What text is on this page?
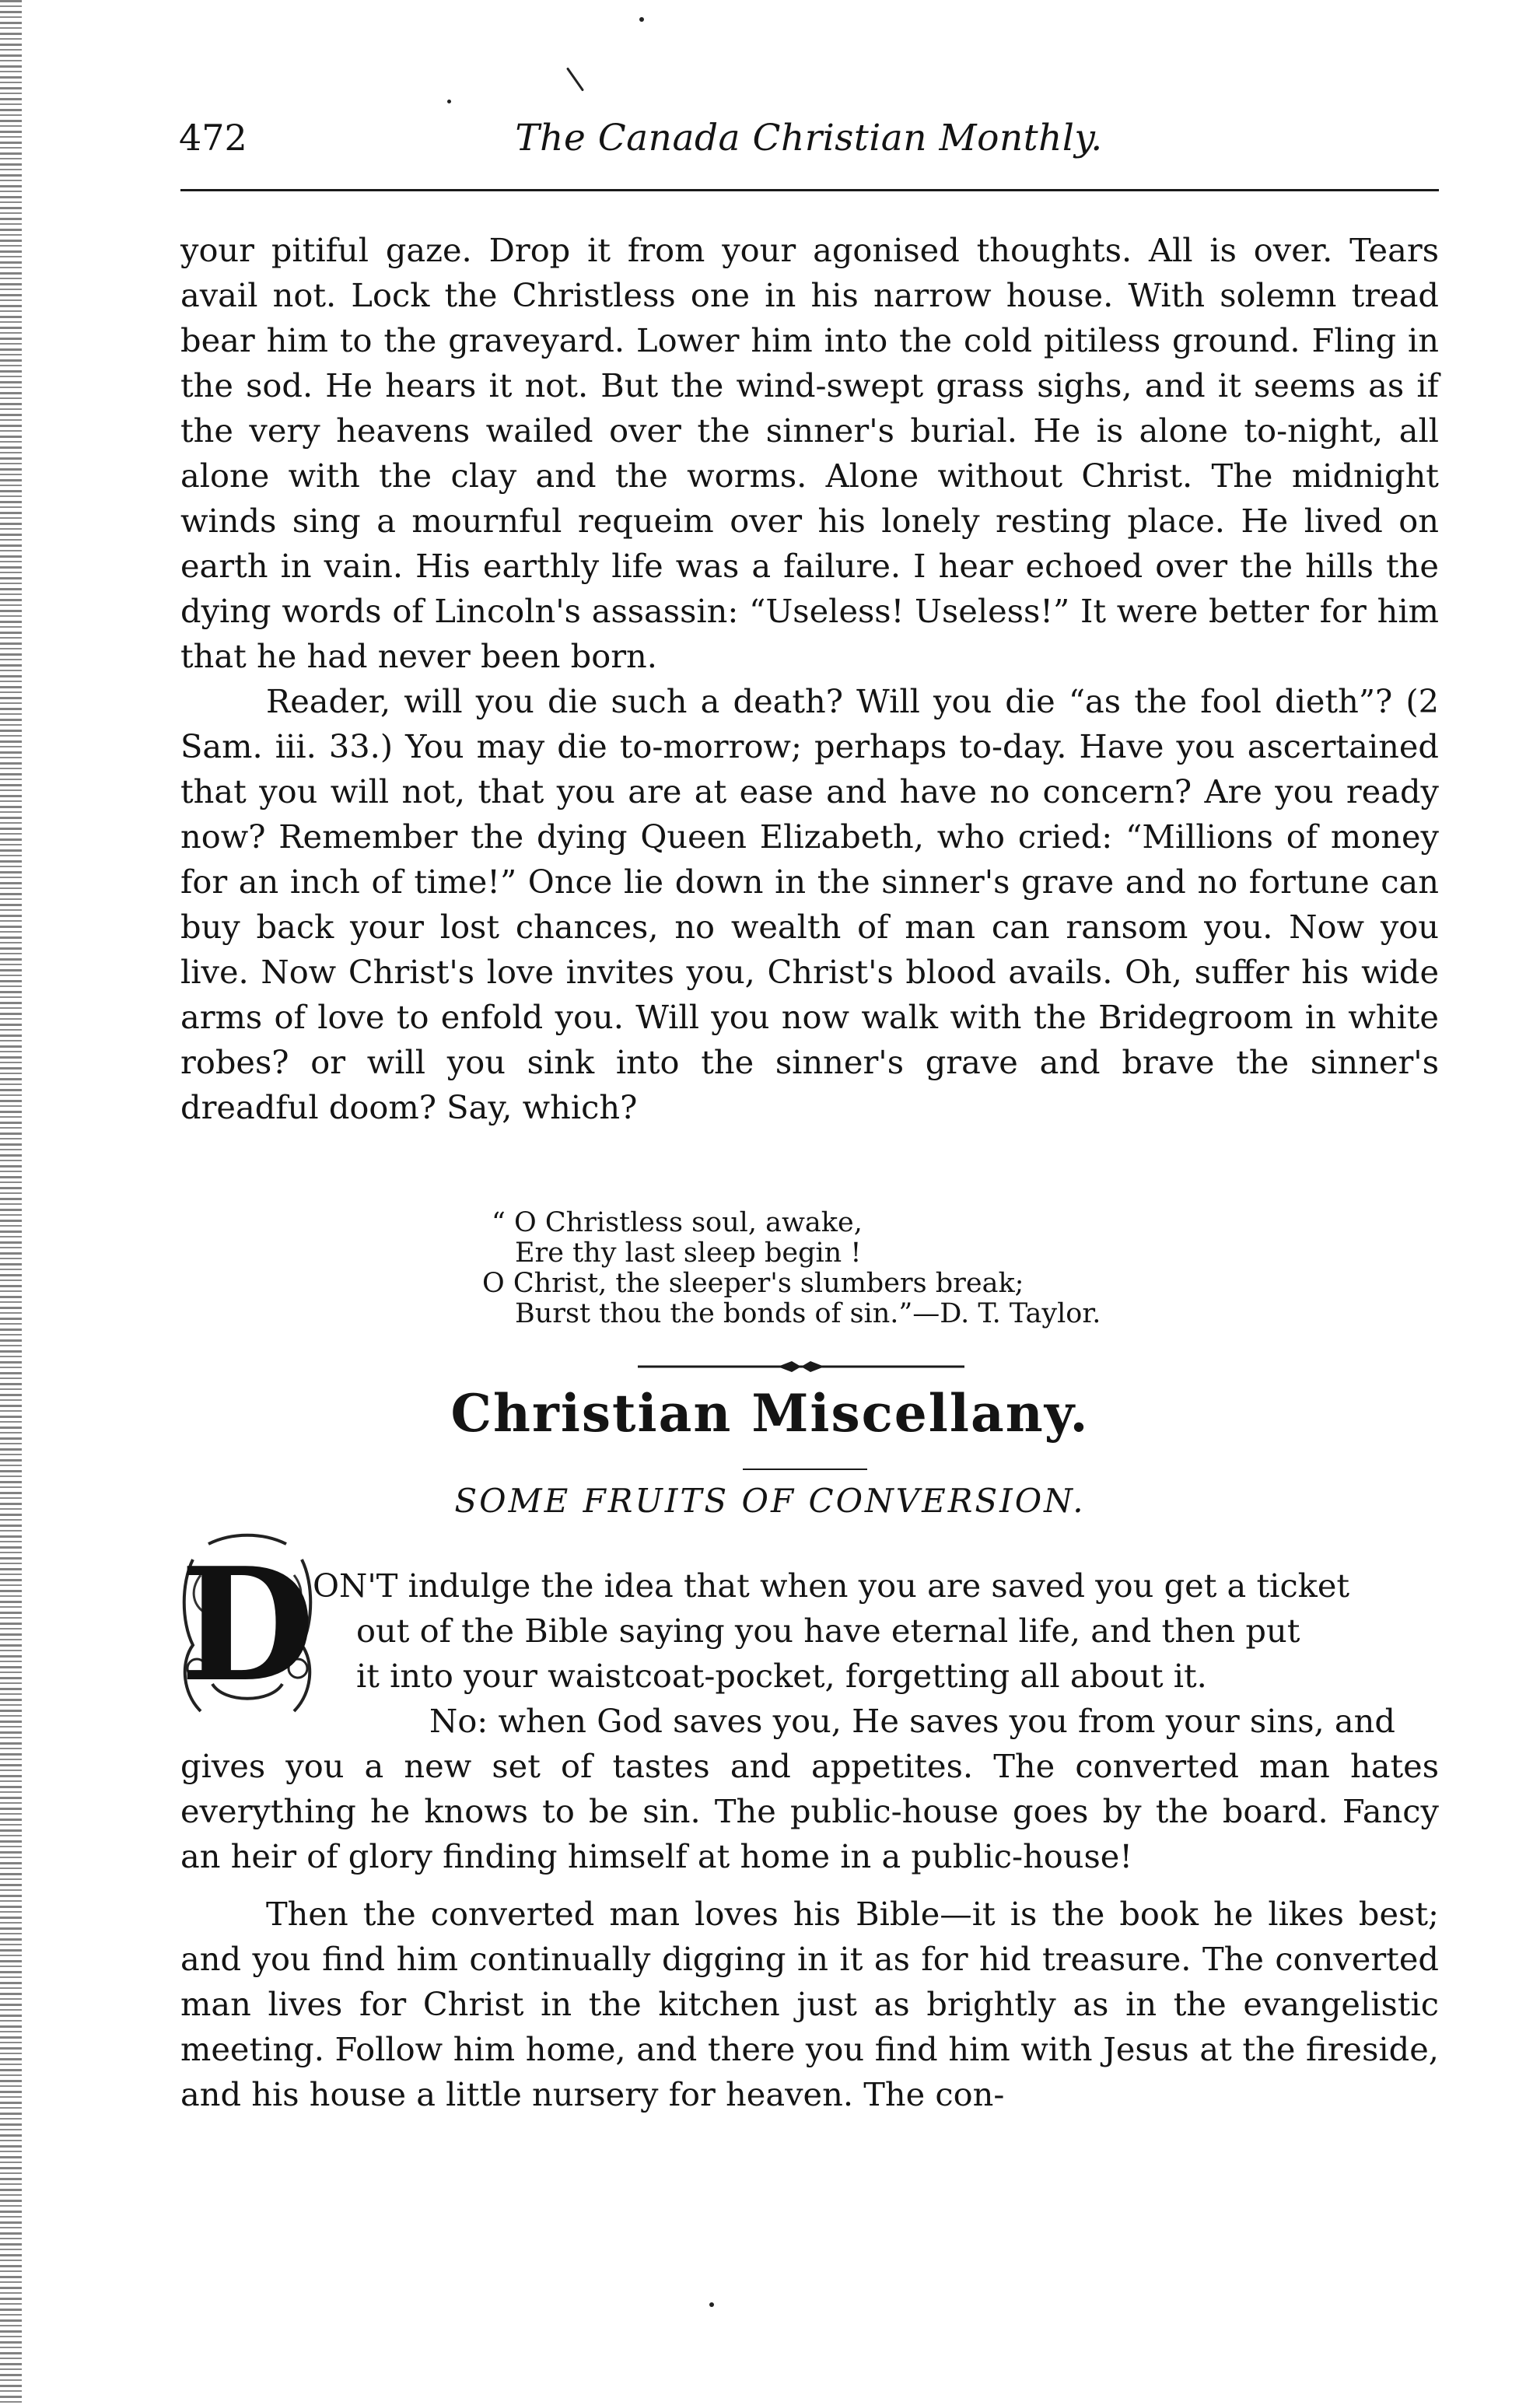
472	The Canada Christian Monthly.

your pitiful gaze. Drop it from your agonised thoughts. All is over. Tears avail not. Lock the Christless one in his narrow house. With solemn tread bear him to the graveyard. Lower him into the cold pitiless ground. Fling in the sod. He hears it not. But the wind-swept grass sighs, and it seems as if the very heavens wailed over the sinner's burial. He is alone to-night, all alone with the clay and the worms. Alone without Christ. The midnight winds sing a mournful requeim over his lonely resting place. He lived on earth in vain. His earthly life was a failure. I hear echoed over the hills the dying words of Lincoln's assassin: “Useless! Useless!” It were better for him that he had never been born.

Reader, will you die such a death? Will you die “as the fool dieth”? (2 Sam. iii. 33.) You may die to-morrow; perhaps to-day. Have you ascertained that you will not, that you are at ease and have no concern? Are you ready now? Remember the dying Queen Elizabeth, who cried: “Millions of money for an inch of time!” Once lie down in the sinner's grave and no fortune can buy back your lost chances, no wealth of man can ransom you. Now you live. Now Christ's love invites you, Christ's blood avails. Oh, suffer his wide arms of love to enfold you. Will you now walk with the Bridegroom in white robes? or will you sink into the sinner's grave and brave the sinner's dreadful doom? Say, which?

“ O Christless soul, awake,
Ere thy last sleep begin !
O Christ, the sleeper's slumbers break;
Burst thou the bonds of sin.”—D. T. Taylor.
Christian Miscellany.
SOME FRUITS OF CONVERSION.
D
ON'T indulge the idea that when you are saved you get a ticket
out of the Bible saying you have eternal life, and then put
it into your waistcoat-pocket, forgetting all about it.
No: when God saves you, He saves you from your sins, and

gives you a new set of tastes and appetites. The converted man hates everything he knows to be sin. The public-house goes by the board. Fancy an heir of glory finding himself at home in a public-house!

Then the converted man loves his Bible—it is the book he likes best; and you find him continually digging in it as for hid treasure. The converted man lives for Christ in the kitchen just as brightly as in the evangelistic meeting. Follow him home, and there you find him with Jesus at the fireside, and his house a little nursery for heaven. The con-
